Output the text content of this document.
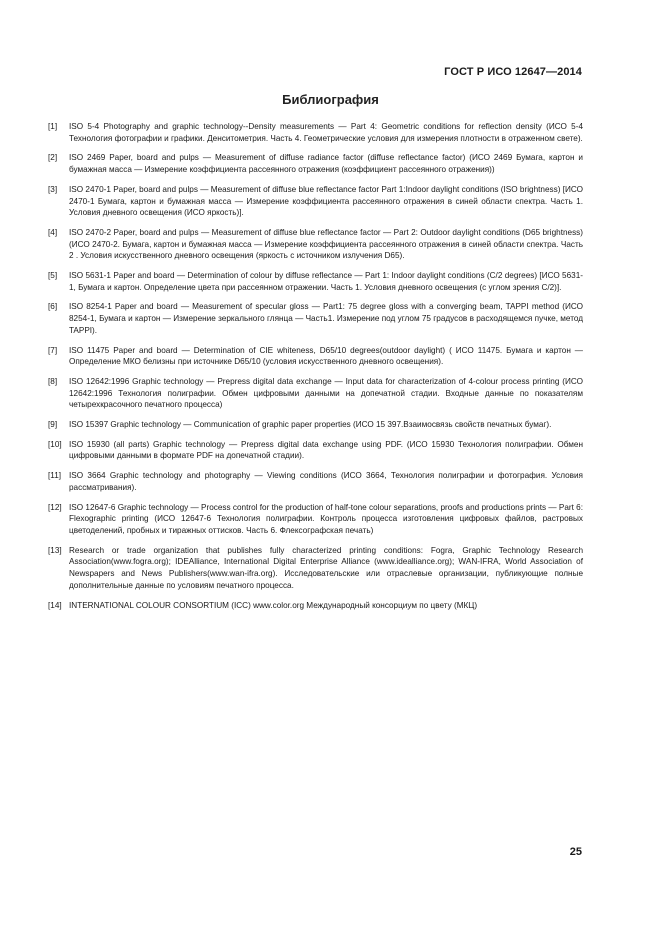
ГОСТ Р ИСО 12647—2014
Библиография
[1]	ISO 5-4 Photography and graphic technology--Density measurements — Part 4: Geometric conditions for reflection density (ИСО 5-4 Технология фотографии и графики. Денситометрия. Часть 4. Геометрические условия для измерения плотности в отраженном свете).
[2]	ISO 2469 Paper, board and pulps — Measurement of diffuse radiance factor (diffuse reflectance factor) (ИСО 2469 Бумага, картон и бумажная масса — Измерение коэффициента рассеянного отражения (коэффициент рассеянного отражения))
[3]	ISO 2470-1 Paper, board and pulps — Measurement of diffuse blue reflectance factor Part 1:Indoor daylight conditions (ISO brightness) [ИСО 2470-1 Бумага, картон и бумажная масса — Измерение коэффициента рассеянного отражения в синей области спектра. Часть 1. Условия дневного освещения (ИСО яркость)].
[4]	ISO 2470-2 Paper, board and pulps — Measurement of diffuse blue reflectance factor — Part 2: Outdoor daylight conditions (D65 brightness) (ИСО 2470-2. Бумага, картон и бумажная масса — Измерение коэффициента рассеянного отражения в синей области спектра. Часть 2 . Условия искусственного дневного освещения (яркость с источником излучения D65).
[5]	ISO 5631-1 Paper and board — Determination of colour by diffuse reflectance — Part 1: Indoor daylight conditions (C/2 degrees) [ИСО 5631-1, Бумага и картон. Определение цвета при рассеянном отражении. Часть 1. Условия дневного освещения (с углом зрения C/2)].
[6]	ISO 8254-1 Paper and board — Measurement of specular gloss — Part1: 75 degree gloss with a converging beam, TAPPI method (ИСО 8254-1, Бумага и картон — Измерение зеркального глянца — Часть1. Измерение под углом 75 градусов в расходящемся пучке, метод TAPPI).
[7]	ISO 11475 Paper and board — Determination of CIE whiteness, D65/10 degrees(outdoor daylight) ( ИСО 11475. Бумага и картон — Определение МКО белизны при источнике D65/10 (условия искусственного дневного освещения).
[8]	ISO 12642:1996 Graphic technology — Prepress digital data exchange — Input data for characterization of 4-colour process printing (ИСО 12642:1996 Технология полиграфии. Обмен цифровыми данными на допечатной стадии. Входные данные по показателям четырехкрасочного печатного процесса)
[9]	ISO 15397 Graphic technology — Communication of graphic paper properties (ИСО 15 397.Взаимосвязь свойств печатных бумаг).
[10] ISO 15930 (all parts) Graphic technology — Prepress digital data exchange using PDF. (ИСО 15930 Технология полиграфии. Обмен цифровыми данными в формате PDF на допечатной стадии).
[11] ISO 3664 Graphic technology and photography — Viewing conditions (ИСО 3664, Технология полиграфии и фотография. Условия рассматривания).
[12] ISO 12647-6 Graphic technology — Process control for the production of half-tone colour separations, proofs and productions prints — Part 6: Flexographic printing (ИСО 12647-6 Технология полиграфии. Контроль процесса изготовления цифровых файлов, растровых цветоделений, пробных и тиражных оттисков. Часть 6. Флексографская печать)
[13] Research or trade organization that publishes fully characterized printing conditions: Fogra, Graphic Technology Research Association(www.fogra.org); IDEAlliance, International Digital Enterprise Alliance (www.idealliance.org); WAN-IFRA, World Association of Newspapers and News Publishers(www.wan-ifra.org). Исследовательские или отраслевые организации, публикующие полные дополнительные данные по условиям печатного процесса.
[14] INTERNATIONAL COLOUR CONSORTIUM (ICC) www.color.org Международный консорциум по цвету (МКЦ)
25
